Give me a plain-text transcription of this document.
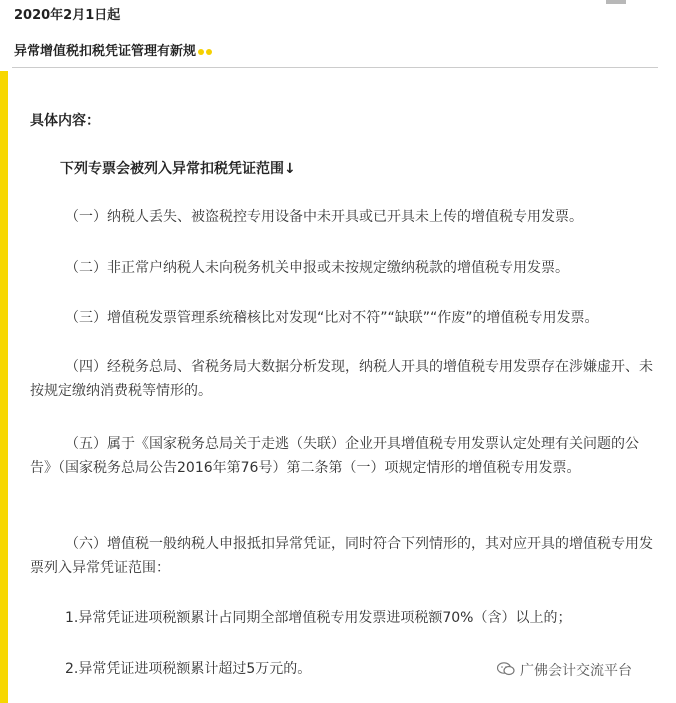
2020年2月1日起
异常增值税扣税凭证管理有新规
具体内容：
下列专票会被列入异常扣税凭证范围↓
（一）纳税人丢失、被盗税控专用设备中未开具或已开具未上传的增值税专用发票。
（二）非正常户纳税人未向税务机关申报或未按规定缴纳税款的增值税专用发票。
（三）增值税发票管理系统稽核比对发现“比对不符”“缺联”“作废”的增值税专用发票。
（四）经税务总局、省税务局大数据分析发现，纳税人开具的增值税专用发票存在涉嫌虚开、未按规定缴纳消费税等情形的。
（五）属于《国家税务总局关于走逃（失联）企业开具增值税专用发票认定处理有关问题的公告》（国家税务总局公告2016年第76号）第二条第（一）项规定情形的增值税专用发票。
（六）增值税一般纳税人申报抵扣异常凭证，同时符合下列情形的，其对应开具的增值税专用发票列入异常凭证范围：
1.异常凭证进项税额累计占同期全部增值税专用发票进项税额70%（含）以上的；
2.异常凭证进项税额累计超过5万元的。	广佛会计交流平台
